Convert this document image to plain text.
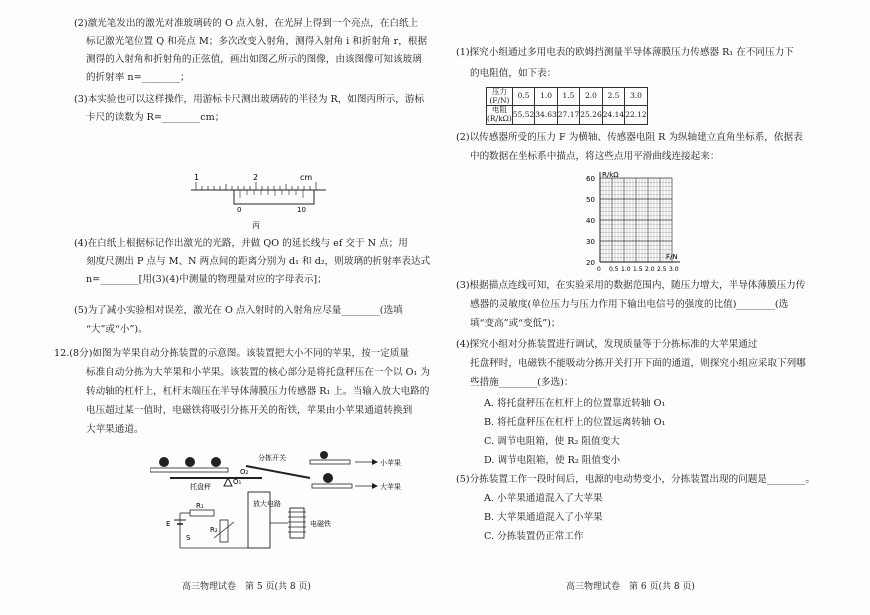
(2)激光笔发出的激光对准玻璃砖的 O 点入射，在光屏上得到一个亮点，在白纸上
标记激光笔位置 Q 和亮点 M；多次改变入射角，测得入射角 i 和折射角 r，根据
测得的入射角和折射角的正弦值，画出如图乙所示的图像，由该图像可知该玻璃
的折射率 n=________；
(3)本实验也可以这样操作，用游标卡尺测出玻璃砖的半径为 R，如图丙所示，游标
卡尺的读数为 R=________cm；
1	2	cm
0	10
丙
(4)在白纸上根据标记作出激光的光路，并做 QO 的延长线与 ef 交于 N 点；用
刻度尺测出 P 点与 M、N 两点间的距离分别为 d₁ 和 d₂，则玻璃的折射率表达式
n=________[用(3)(4)中测量的物理量对应的字母表示]；
(5)为了减小实验相对误差，激光在 O 点入射时的入射角应尽量________(选填
“大”或“小”)。
12.(8分)如图为苹果自动分拣装置的示意图。该装置把大小不同的苹果，按一定质量
标准自动分拣为大苹果和小苹果。该装置的核心部分是将托盘秤压在一个以 O₁ 为
转动轴的杠杆上，杠杆末端压在半导体薄膜压力传感器 R₁ 上。当输入放大电路的
电压超过某一值时，电磁铁将吸引分拣开关的衔铁，苹果由小苹果通道转换到
大苹果通道。
托盘秤
O₁
分拣开关
O₂
小苹果
大苹果
放大电路
R₁
R₂
E
S
电磁铁
高三物理试卷　第 5 页(共 8 页)
(1)探究小组通过多用电表的欧姆挡测量半导体薄膜压力传感器 R₁ 在不同压力下
的电阻值，如下表：
压力(F/N)	0.5	1.0	1.5	2.0	2.5	3.0
电阻(R/kΩ)	55.52	34.63	27.17	25.26	24.14	22.12
(2)以传感器所受的压力 F 为横轴、传感器电阻 R 为纵轴建立直角坐标系，依据表
中的数据在坐标系中描点，将这些点用平滑曲线连接起来：
60
50
40
30
20
0 0.5 1.0 1.5 2.0 2.5 3.0
R/kΩ
F/N
(3)根据描点连线可知，在实验采用的数据范围内，随压力增大，半导体薄膜压力传
感器的灵敏度(单位压力与压力作用下输出电信号的强度的比值)________(选
填“变高”或“变低”)；
(4)探究小组对分拣装置进行调试，发现质量等于分拣标准的大苹果通过
托盘秤时，电磁铁不能吸动分拣开关打开下面的通道，则探究小组应采取下列哪
些措施________(多选)：
A. 将托盘秤压在杠杆上的位置靠近转轴 O₁
B. 将托盘秤压在杠杆上的位置远离转轴 O₁
C. 调节电阻箱，使 R₂ 阻值变大
D. 调节电阻箱，使 R₂ 阻值变小
(5)分拣装置工作一段时间后，电源的电动势变小，分拣装置出现的问题是________。
A. 小苹果通道混入了大苹果
B. 大苹果通道混入了小苹果
C. 分拣装置仍正常工作
高三物理试卷　第 6 页(共 8 页)
